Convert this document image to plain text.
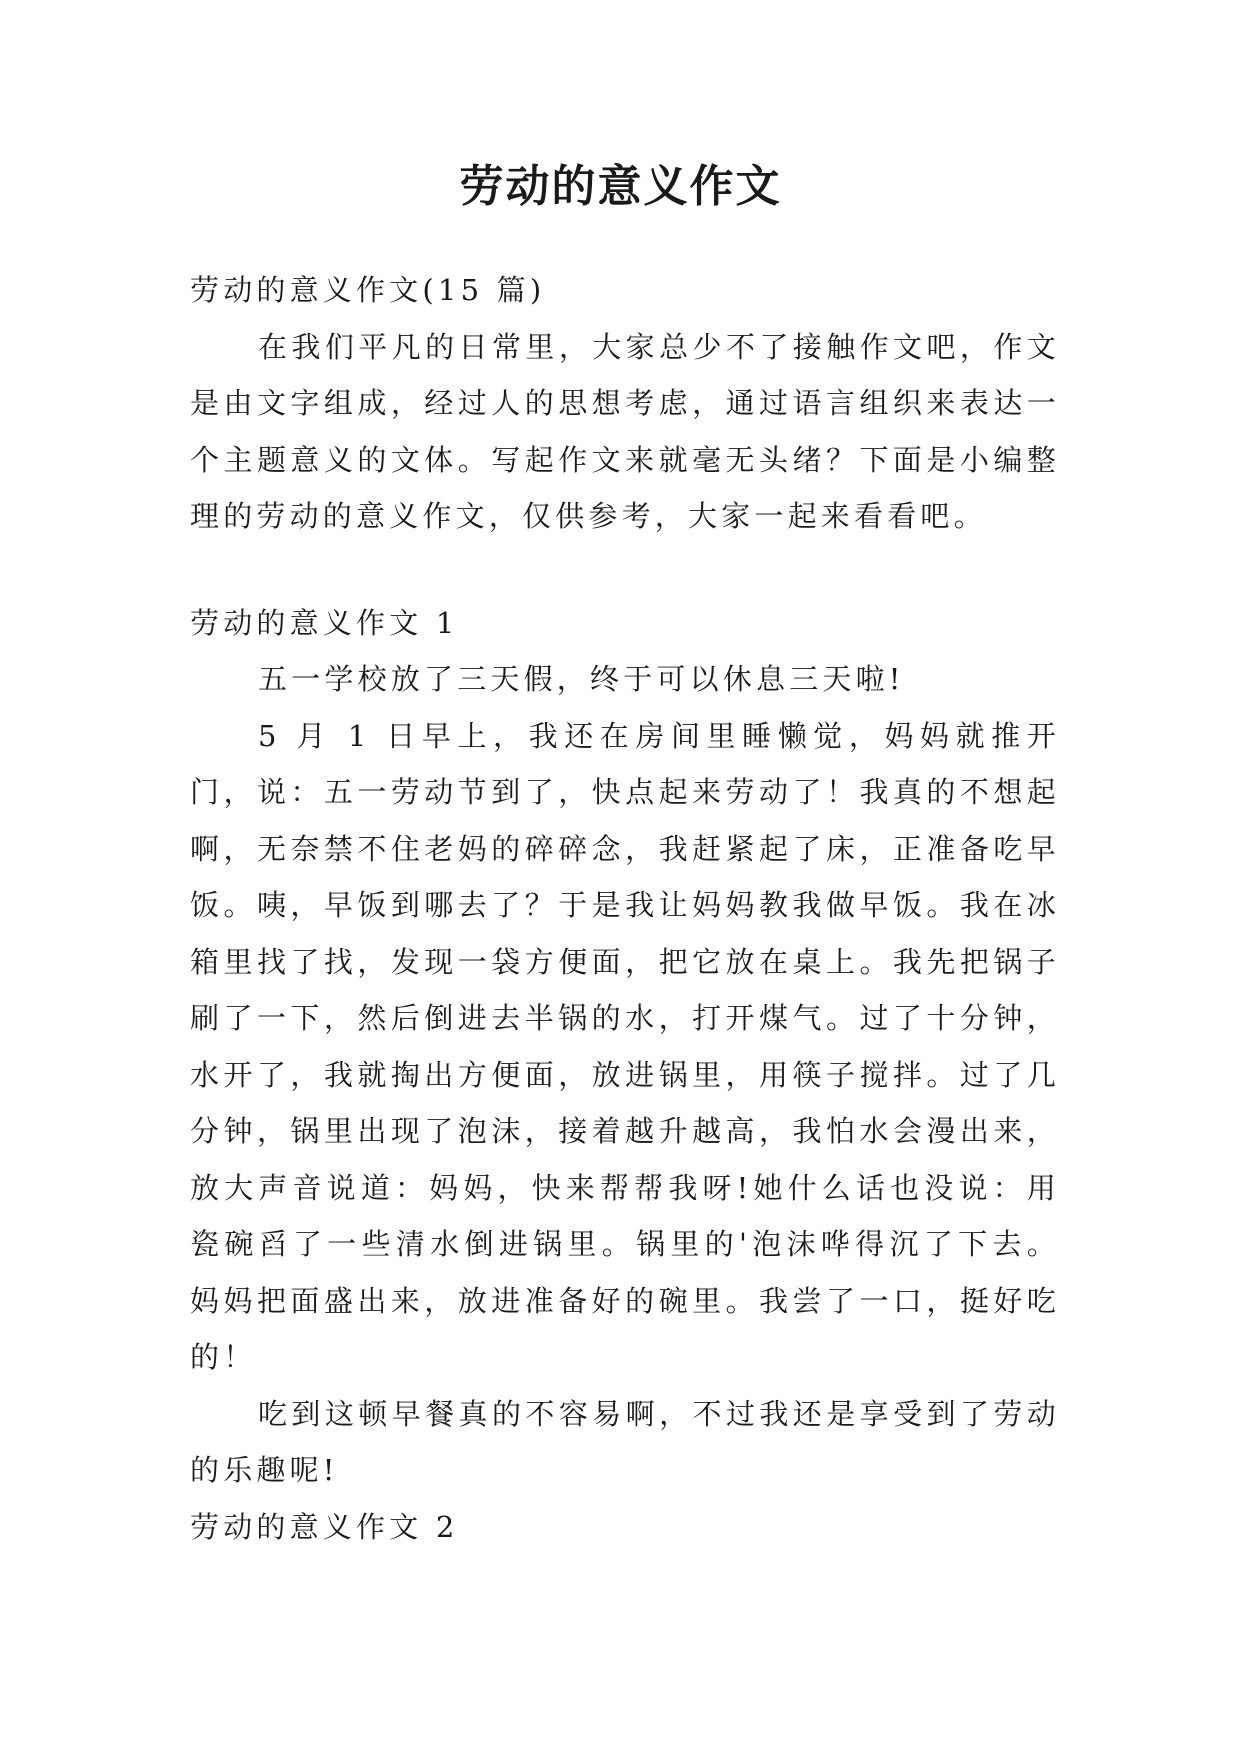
劳动的意义作文

劳动的意义作文(15 篇)

在我们平凡的日常里，大家总少不了接触作文吧，作文是由文字组成，经过人的思想考虑，通过语言组织来表达一个主题意义的文体。写起作文来就毫无头绪？下面是小编整理的劳动的意义作文，仅供参考，大家一起来看看吧。

劳动的意义作文 1

五一学校放了三天假，终于可以休息三天啦!

5 月 1 日早上，我还在房间里睡懒觉，妈妈就推开门，说：五一劳动节到了，快点起来劳动了！我真的不想起啊，无奈禁不住老妈的碎碎念，我赶紧起了床，正准备吃早饭。咦，早饭到哪去了？于是我让妈妈教我做早饭。我在冰箱里找了找，发现一袋方便面，把它放在桌上。我先把锅子刷了一下，然后倒进去半锅的水，打开煤气。过了十分钟，水开了，我就掏出方便面，放进锅里，用筷子搅拌。过了几分钟，锅里出现了泡沫，接着越升越高，我怕水会漫出来，放大声音说道：妈妈，快来帮帮我呀!她什么话也没说：用瓷碗舀了一些清水倒进锅里。锅里的'泡沫哗得沉了下去。妈妈把面盛出来，放进准备好的碗里。我尝了一口，挺好吃的！

吃到这顿早餐真的不容易啊，不过我还是享受到了劳动的乐趣呢!

劳动的意义作文 2
